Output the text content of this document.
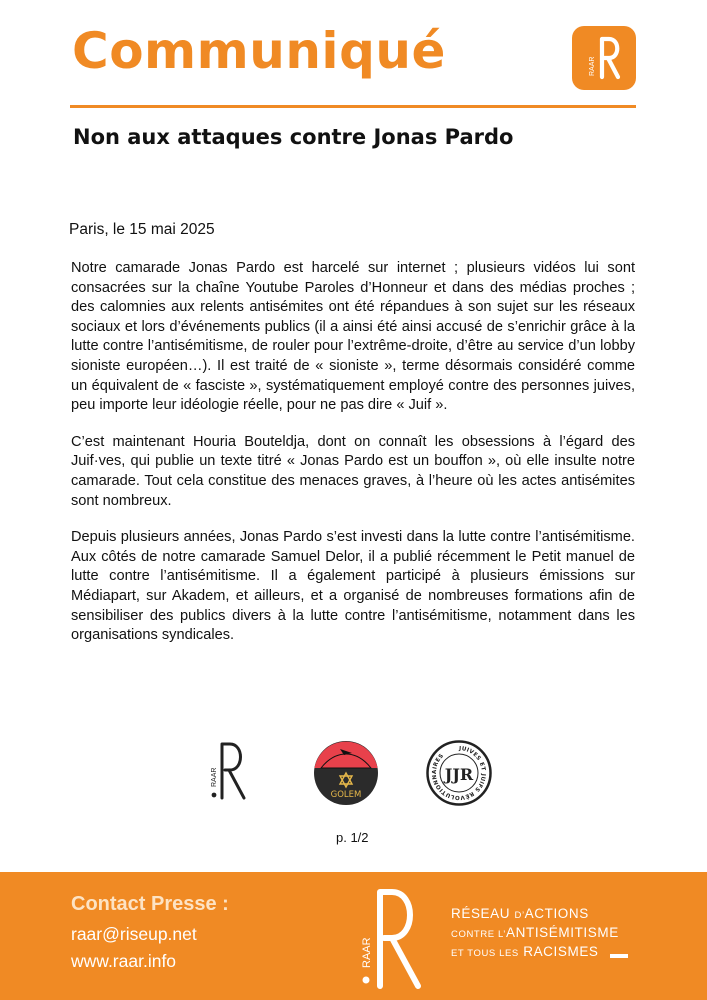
Communiqué	RAAR
Non aux attaques contre Jonas Pardo
Paris, le 15 mai 2025

Notre camarade Jonas Pardo est harcelé sur internet ; plusieurs vidéos lui sont consacrées sur la chaîne Youtube Paroles d’Honneur et dans des médias proches ; des calomnies aux relents antisémites ont été répandues à son sujet sur les réseaux sociaux et lors d’événements publics (il a ainsi été ainsi accusé de s’enrichir grâce à la lutte contre l’antisémitisme, de rouler pour l’extrême-droite, d’être au service d’un lobby sioniste européen…). Il est traité de « sioniste », terme désormais considéré comme un équivalent de « fasciste », systématiquement employé contre des personnes juives, peu importe leur idéologie réelle, pour ne pas dire « Juif ».

C’est maintenant Houria Bouteldja, dont on connaît les obsessions à l’égard des Juif·ves, qui publie un texte titré « Jonas Pardo est un bouffon », où elle insulte notre camarade. Tout cela constitue des menaces graves, à l’heure où les actes antisémites sont nombreux.

Depuis plusieurs années, Jonas Pardo s’est investi dans la lutte contre l’antisémitisme. Aux côtés de notre camarade Samuel Delor, il a publié récemment le Petit manuel de lutte contre l’antisémitisme. Il a également participé à plusieurs émissions sur Médiapart, sur Akadem, et ailleurs, et a organisé de nombreuses formations afin de sensibiliser des publics divers à la lutte contre l’antisémitisme, notamment dans les organisations syndicales.

RAAR
GOLEM
JUIVES ET JUIFS RÉVOLUTIONNAIRES
JJR
p. 1/2
Contact Presse :
raar@riseup.net
www.raar.info	RAAR
RÉSEAU D’ACTIONS
CONTRE L’ANTISÉMITISME
ET TOUS LES RACISMES
